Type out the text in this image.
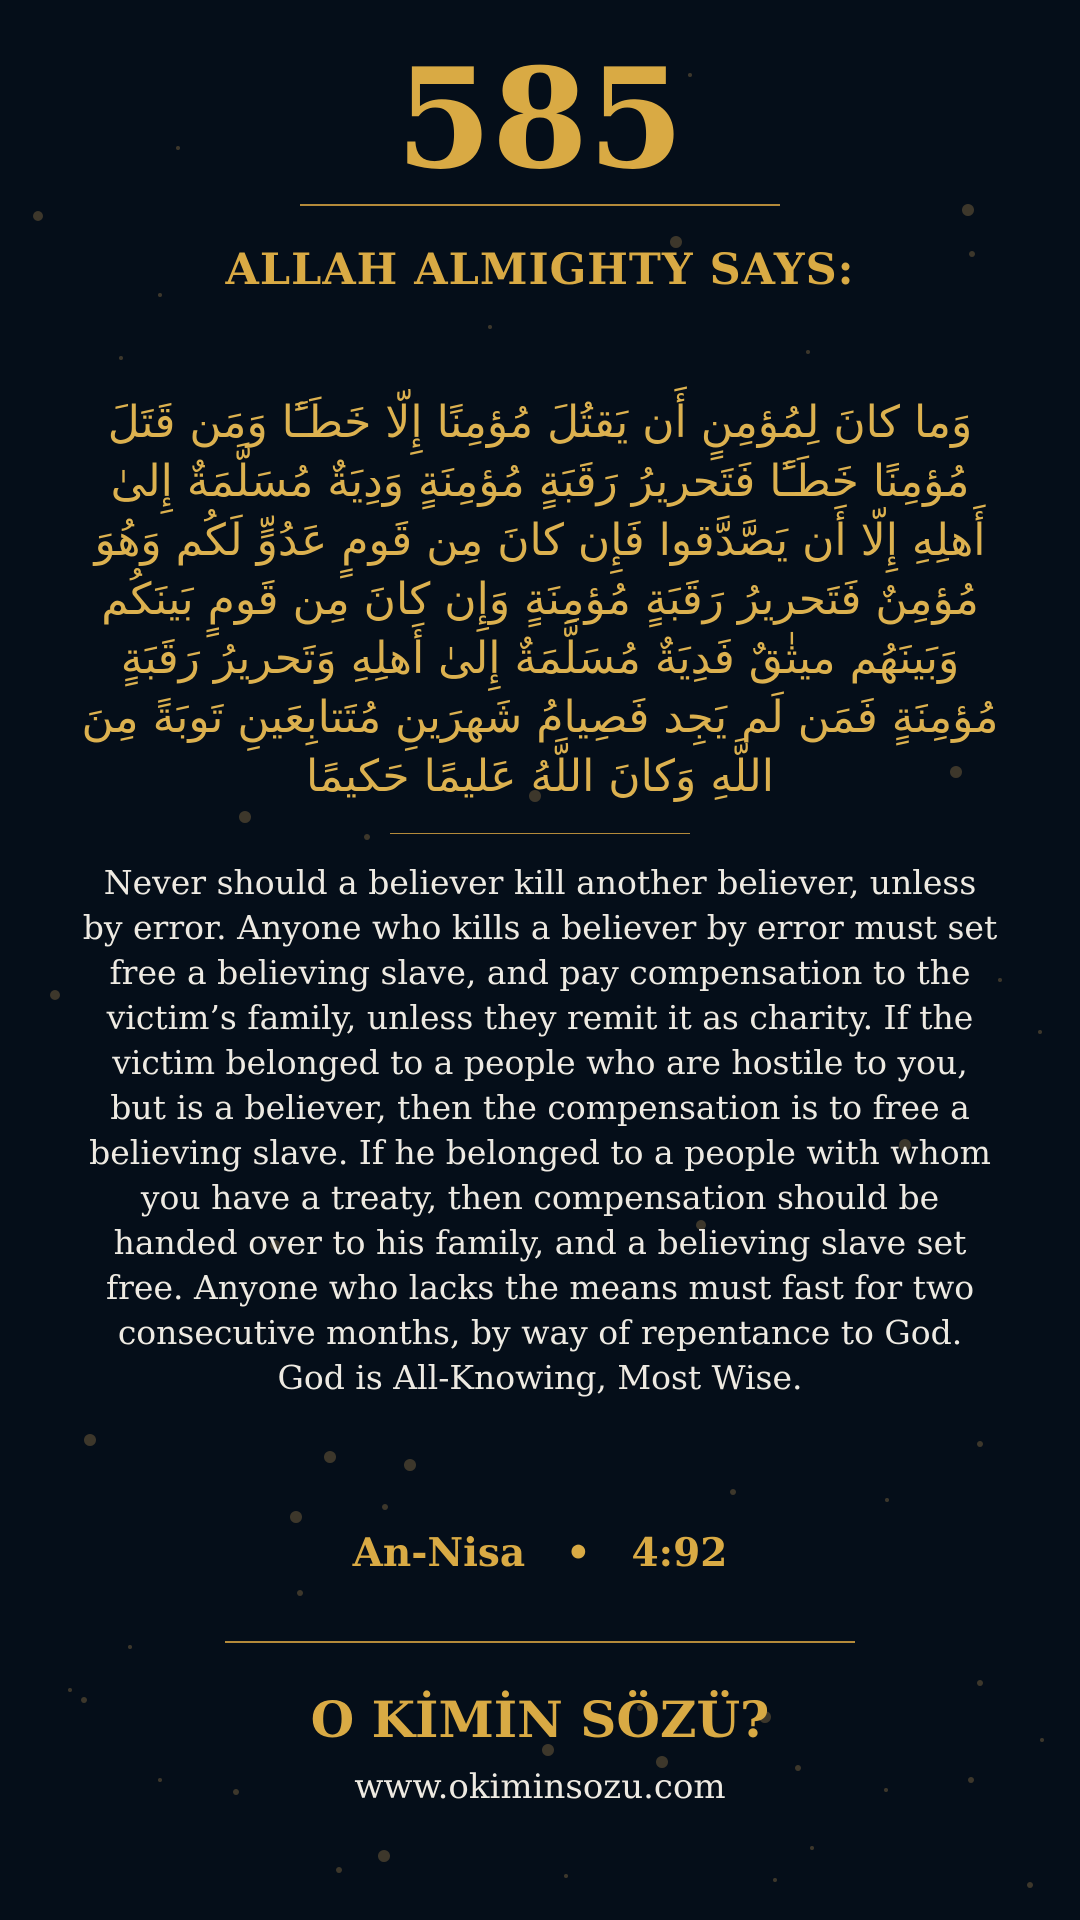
585
ALLAH ALMIGHTY SAYS:
وَما كانَ لِمُؤمِنٍ أَن يَقتُلَ مُؤمِنًا إِلّا خَطَـًٔا وَمَن قَتَلَ مُؤمِنًا خَطَـًٔا فَتَحريرُ رَقَبَةٍ مُؤمِنَةٍ وَدِيَةٌ مُسَلَّمَةٌ إِلىٰ أَهلِهِ إِلّا أَن يَصَّدَّقوا فَإِن كانَ مِن قَومٍ عَدُوٍّ لَكُم وَهُوَ مُؤمِنٌ فَتَحريرُ رَقَبَةٍ مُؤمِنَةٍ وَإِن كانَ مِن قَومٍ بَينَكُم وَبَينَهُم ميثٰقٌ فَدِيَةٌ مُسَلَّمَةٌ إِلىٰ أَهلِهِ وَتَحريرُ رَقَبَةٍ مُؤمِنَةٍ فَمَن لَم يَجِد فَصِيامُ شَهرَينِ مُتَتابِعَينِ تَوبَةً مِنَ اللَّهِ وَكانَ اللَّهُ عَليمًا حَكيمًا
Never should a believer kill another believer, unless by error. Anyone who kills a believer by error must set free a believing slave, and pay compensation to the victim’s family, unless they remit it as charity. If the victim belonged to a people who are hostile to you, but is a believer, then the compensation is to free a believing slave. If he belonged to a people with whom you have a treaty, then compensation should be handed over to his family, and a believing slave set free. Anyone who lacks the means must fast for two consecutive months, by way of repentance to God. God is All-Knowing, Most Wise.
An-Nisa • 4:92
O KİMİN SÖZÜ?
www.okiminsozu.com
